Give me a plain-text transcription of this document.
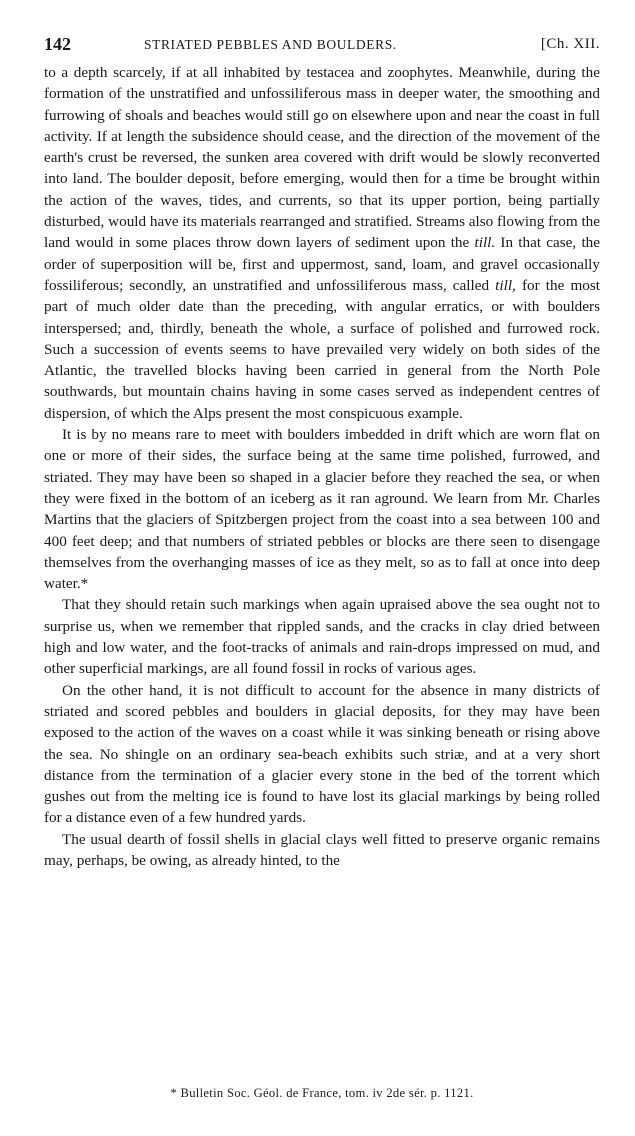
142	STRIATED PEBBLES AND BOULDERS.	[Ch. XII.

to a depth scarcely, if at all inhabited by testacea and zoophytes. Meanwhile, during the formation of the unstratified and unfossiliferous mass in deeper water, the smoothing and furrowing of shoals and beaches would still go on elsewhere upon and near the coast in full activity. If at length the subsidence should cease, and the direction of the movement of the earth's crust be reversed, the sunken area covered with drift would be slowly reconverted into land. The boulder deposit, before emerging, would then for a time be brought within the action of the waves, tides, and currents, so that its upper portion, being partially disturbed, would have its materials rearranged and stratified. Streams also flowing from the land would in some places throw down layers of sediment upon the till. In that case, the order of superposition will be, first and uppermost, sand, loam, and gravel occasionally fossiliferous; secondly, an unstratified and unfossiliferous mass, called till, for the most part of much older date than the preceding, with angular erratics, or with boulders interspersed; and, thirdly, beneath the whole, a surface of polished and furrowed rock. Such a succession of events seems to have prevailed very widely on both sides of the Atlantic, the travelled blocks having been carried in general from the North Pole southwards, but mountain chains having in some cases served as independent centres of dispersion, of which the Alps present the most conspicuous example.

It is by no means rare to meet with boulders imbedded in drift which are worn flat on one or more of their sides, the surface being at the same time polished, furrowed, and striated. They may have been so shaped in a glacier before they reached the sea, or when they were fixed in the bottom of an iceberg as it ran aground. We learn from Mr. Charles Martins that the glaciers of Spitzbergen project from the coast into a sea between 100 and 400 feet deep; and that numbers of striated pebbles or blocks are there seen to disengage themselves from the overhanging masses of ice as they melt, so as to fall at once into deep water.*

That they should retain such markings when again upraised above the sea ought not to surprise us, when we remember that rippled sands, and the cracks in clay dried between high and low water, and the foot-tracks of animals and rain-drops impressed on mud, and other superficial markings, are all found fossil in rocks of various ages.

On the other hand, it is not difficult to account for the absence in many districts of striated and scored pebbles and boulders in glacial deposits, for they may have been exposed to the action of the waves on a coast while it was sinking beneath or rising above the sea. No shingle on an ordinary sea-beach exhibits such striæ, and at a very short distance from the termination of a glacier every stone in the bed of the torrent which gushes out from the melting ice is found to have lost its glacial markings by being rolled for a distance even of a few hundred yards.

The usual dearth of fossil shells in glacial clays well fitted to preserve organic remains may, perhaps, be owing, as already hinted, to the

* Bulletin Soc. Géol. de France, tom. iv 2de sér. p. 1121.
